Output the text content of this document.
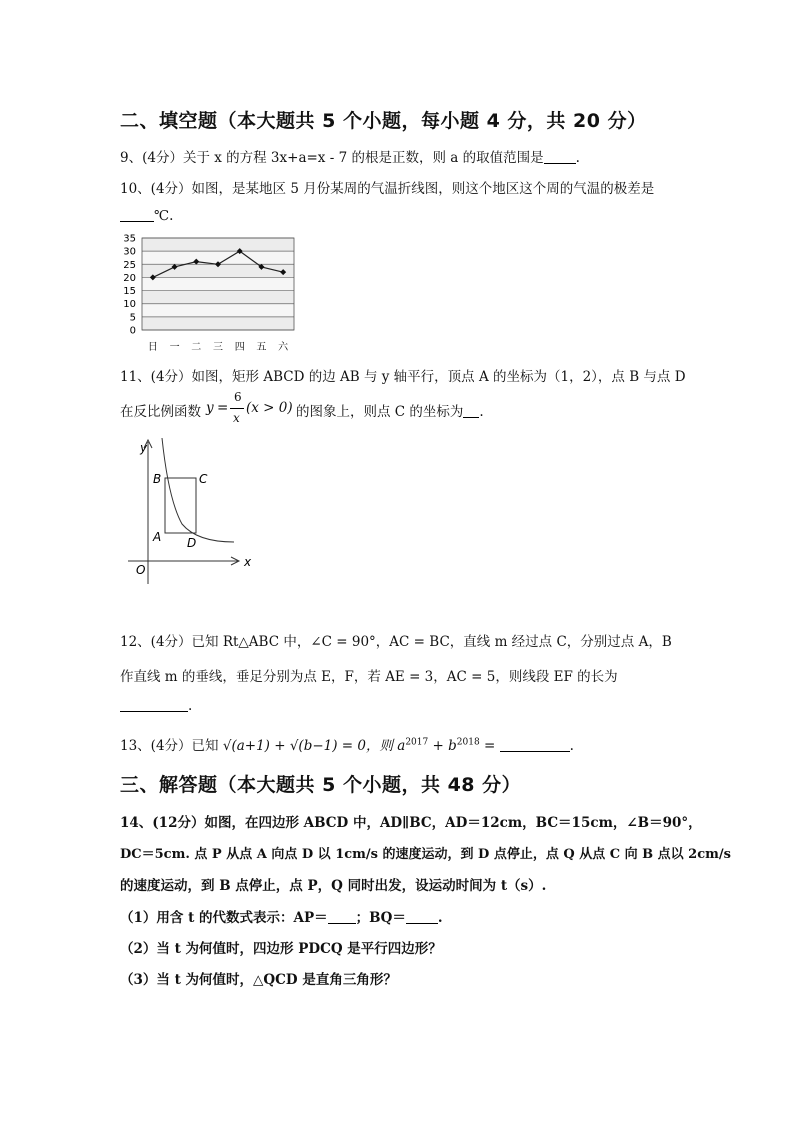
二、填空题（本大题共 5 个小题，每小题 4 分，共 20 分）
9、(4分）关于 x 的方程 3x+a=x - 7 的根是正数，则 a 的取值范围是 .
10、(4分）如图，是某地区 5 月份某周的气温折线图，则这个地区这个周的气温的极差是
℃.
0
5
10
15
20
25
30
35
日 一 二 三 四 五 六
11、(4分）如图，矩形 ABCD 的边 AB 与 y 轴平行，顶点 A 的坐标为（1，2），点 B 与点 D
在反比例函数 y =
6
x
(x > 0) 的图象上，则点 C 的坐标为 .
y
x
O
B	C
A D
12、(4分）已知 Rt△ABC 中，∠C = 90°，AC = BC，直线 m 经过点 C，分别过点 A，B
作直线 m 的垂线，垂足分别为点 E，F，若 AE = 3，AC = 5，则线段 EF 的长为
.
13、(4分）已知 √(a+1) + √(b−1) = 0，则 $a^{2017} + b^{2018}$ =	.
三、解答题（本大题共 5 个小题，共 48 分）
14、(12分）如图，在四边形 ABCD 中，AD∥BC，AD＝12cm，BC＝15cm，∠B＝90°，
DC＝5cm. 点 P 从点 A 向点 D 以 1cm/s 的速度运动，到 D 点停止，点 Q 从点 C 向 B 点以 2cm/s
的速度运动，到 B 点停止，点 P，Q 同时出发，设运动时间为 t（s）.
（1）用含 t 的代数式表示：AP＝ ；BQ＝ .
（2）当 t 为何值时，四边形 PDCQ 是平行四边形？
（3）当 t 为何值时，△QCD 是直角三角形？
